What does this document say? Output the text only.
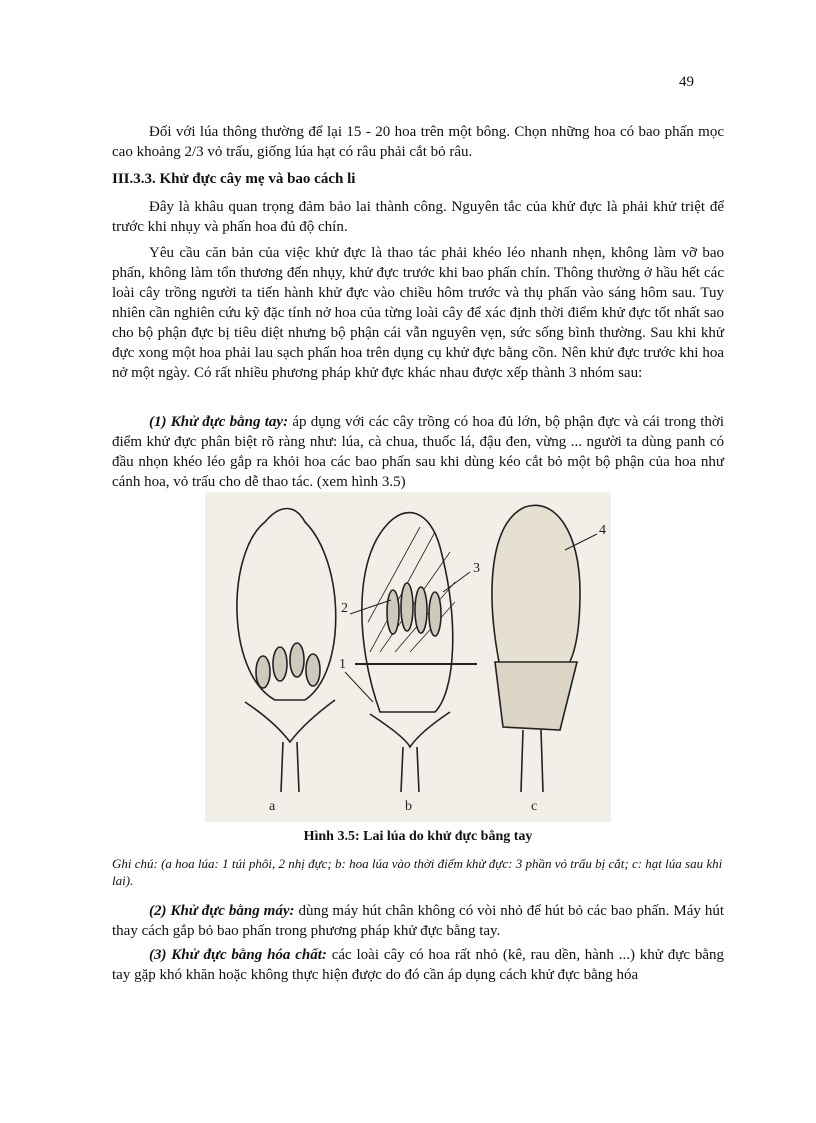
49

Đối với lúa thông thường để lại 15 - 20 hoa trên một bông. Chọn những hoa có bao phấn mọc cao khoảng 2/3 vỏ trấu, giống lúa hạt có râu phải cắt bỏ râu.

III.3.3. Khử đực cây mẹ và bao cách li

Đây là khâu quan trọng đảm bảo lai thành công. Nguyên tắc của khử đực là phải khử triệt để trước khi nhụy và phấn hoa đủ độ chín.

Yêu cầu căn bản của việc khử đực là thao tác phải khéo léo nhanh nhẹn, không làm vỡ bao phấn, không làm tổn thương đến nhụy, khử đực trước khi bao phấn chín. Thông thường ở hầu hết các loài cây trồng người ta tiến hành khử đực vào chiều hôm trước và thụ phấn vào sáng hôm sau. Tuy nhiên cần nghiên cứu kỹ đặc tính nở hoa của từng loài cây để xác định thời điểm khử đực tốt nhất sao cho bộ phận đực bị tiêu diệt nhưng bộ phận cái vẫn nguyên vẹn, sức sống bình thường. Sau khi khử đực xong một hoa phải lau sạch phấn hoa trên dụng cụ khử đực bằng cồn. Nên khử đực trước khi hoa nở một ngày. Có rất nhiều phương pháp khử đực khác nhau được xếp thành 3 nhóm sau:

(1) Khử đực bằng tay: áp dụng với các cây trồng có hoa đủ lớn, bộ phận đực và cái trong thời điểm khử đực phân biệt rõ ràng như: lúa, cà chua, thuốc lá, đậu đen, vừng ... người ta dùng panh có đầu nhọn khéo léo gắp ra khỏi hoa các bao phấn sau khi dùng kéo cắt bỏ một bộ phận của hoa như cánh hoa, vỏ trấu cho dễ thao tác. (xem hình 3.5)

a	b	c
1
2
3
4

Hình 3.5: Lai lúa do khử đực bằng tay

Ghi chú: (a hoa lúa: 1 túi phôi, 2 nhị đực; b: hoa lúa vào thời điểm khử đực: 3 phần vỏ trấu bị cắt; c: hạt lúa sau khi lai).

(2) Khử đực bằng máy: dùng máy hút chân không có vòi nhỏ để hút bỏ các bao phấn. Máy hút thay cách gắp bỏ bao phấn trong phương pháp khử đực bằng tay.

(3) Khử đực bằng hóa chất: các loài cây có hoa rất nhỏ (kê, rau dền, hành ...) khử đực bằng tay gặp khó khăn hoặc không thực hiện được do đó cần áp dụng cách khử đực bằng hóa
